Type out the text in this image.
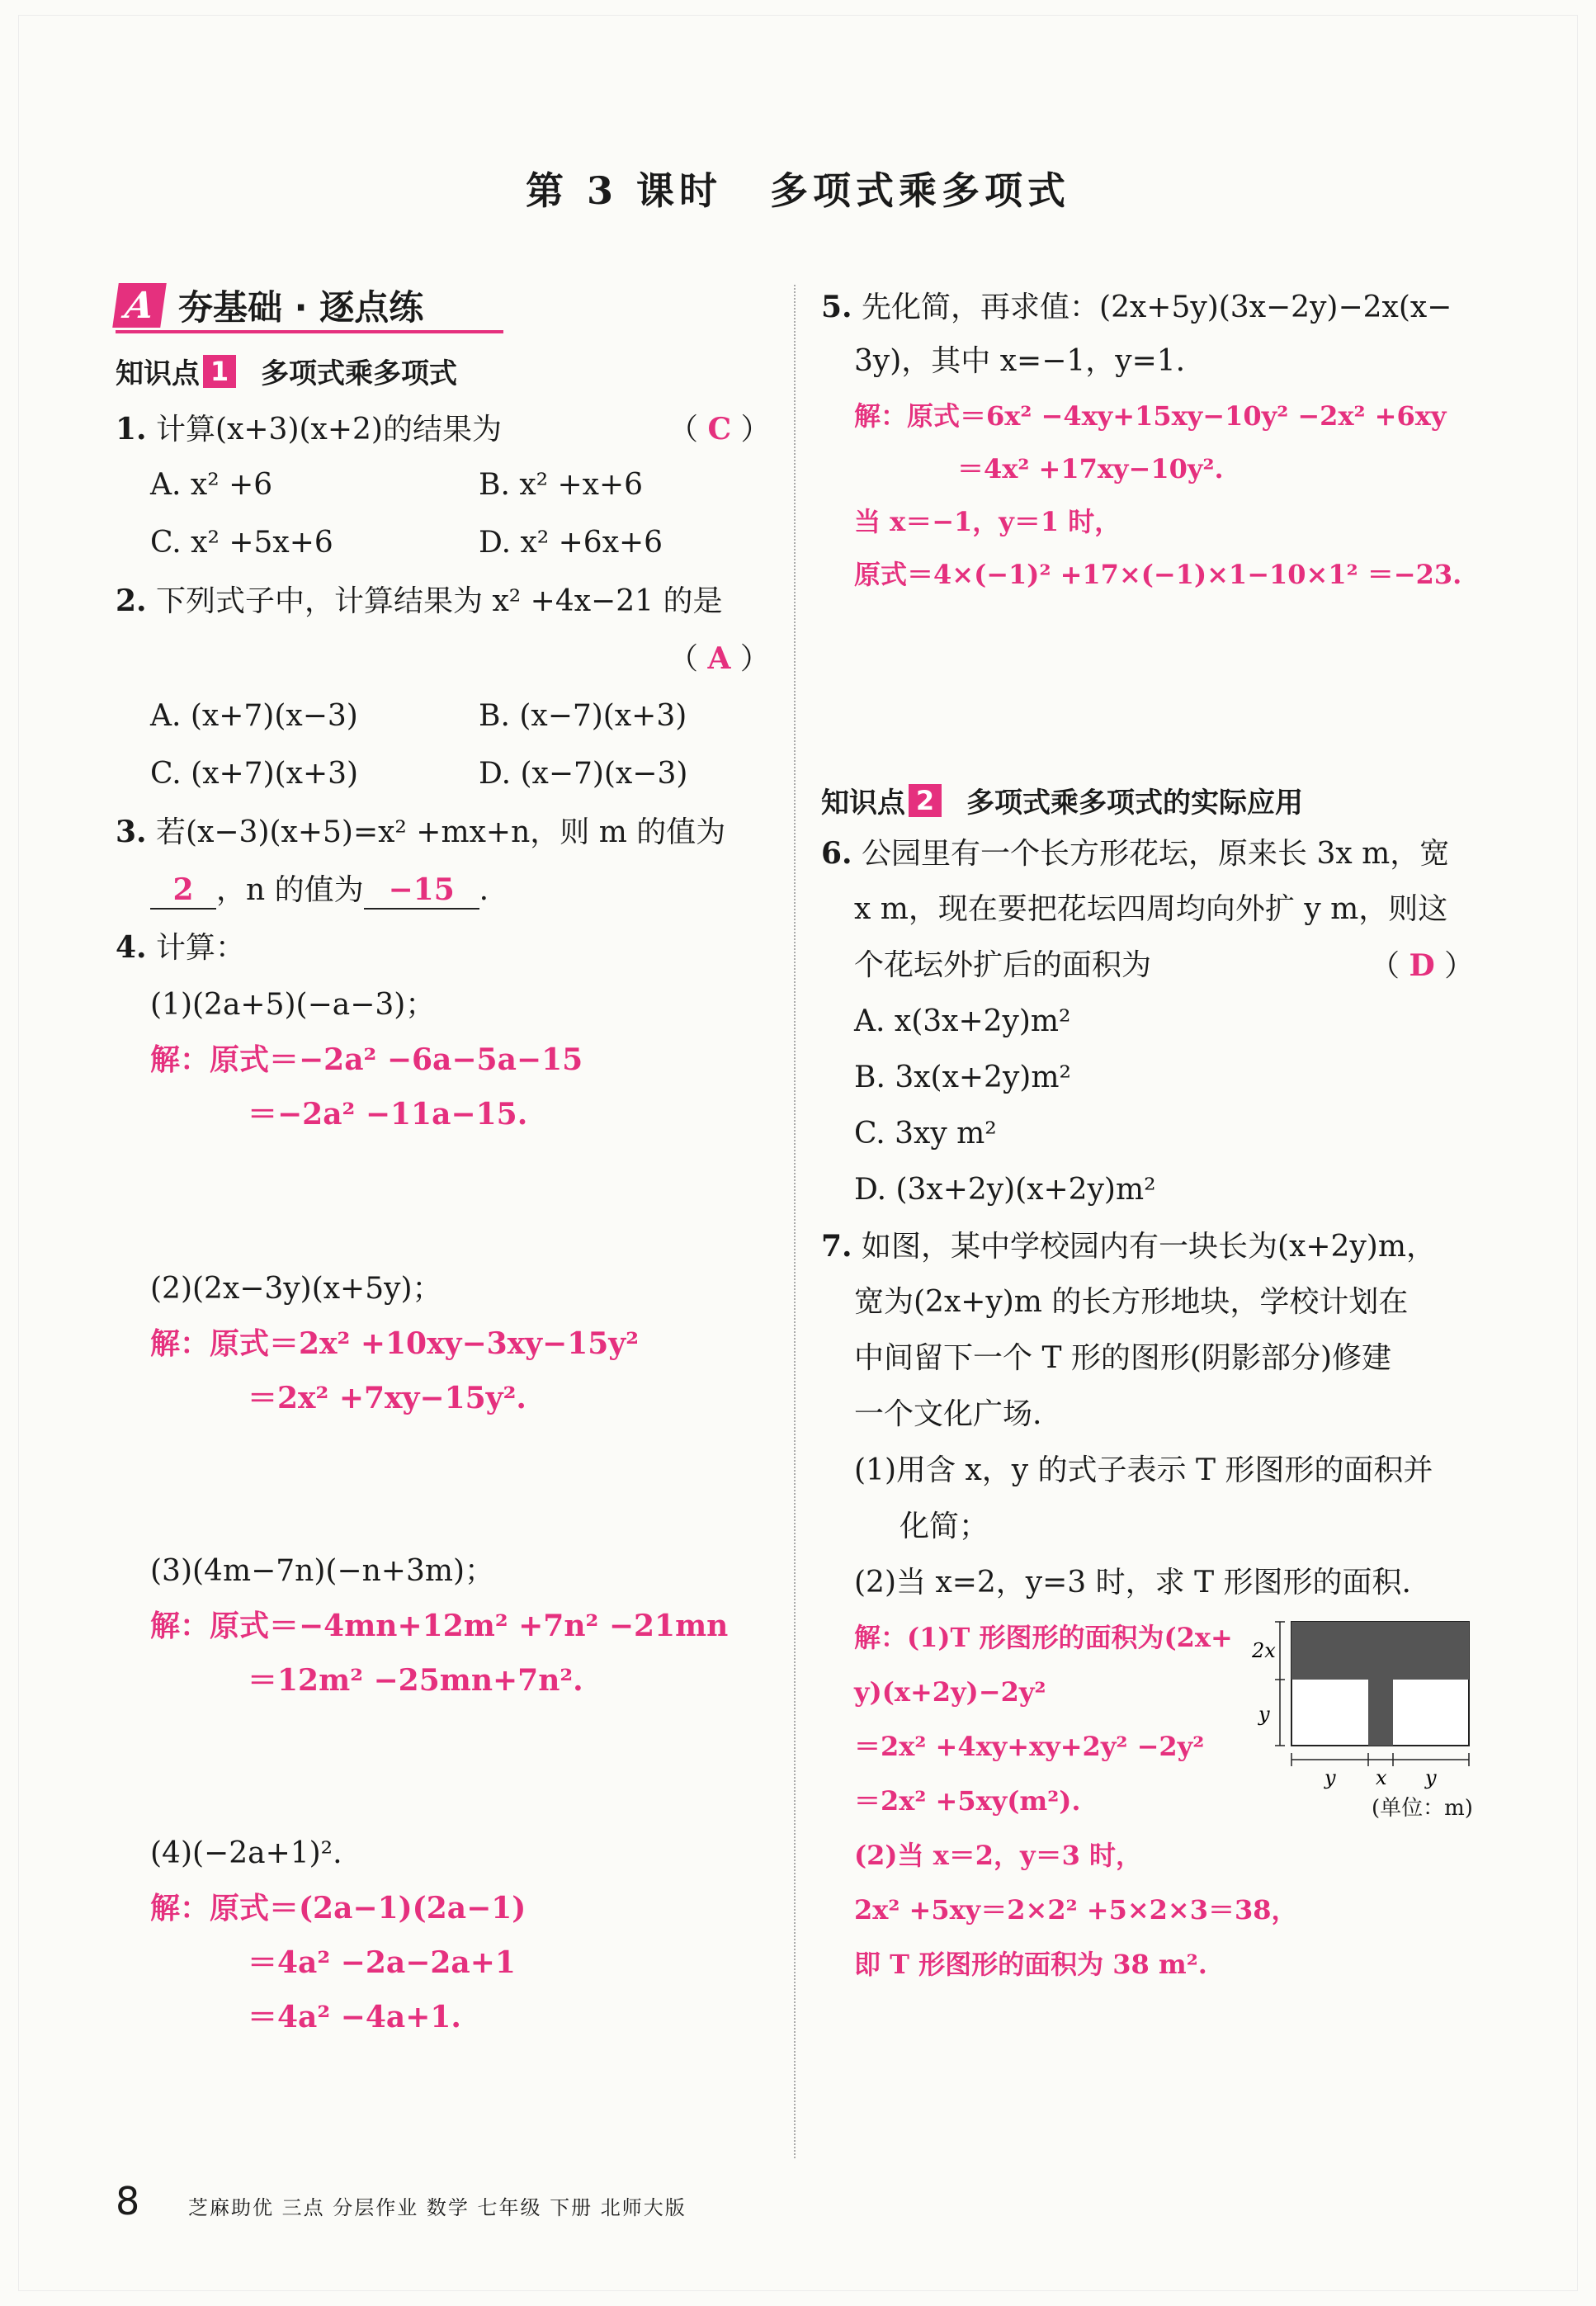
第 3 课时 多项式乘多项式
A 夯基础 · 逐点练
知识点 1 多项式乘多项式
1. 计算(x+3)(x+2)的结果为	（ C ）
A. x² +6	B. x² +x+6
C. x² +5x+6	D. x² +6x+6
2. 下列式子中，计算结果为 x² +4x−21 的是
（ A ）
A. (x+7)(x−3)	B. (x−7)(x+3)
C. (x+7)(x+3)	D. (x−7)(x−3)
3. 若(x−3)(x+5)=x² +mx+n，则 m 的值为
2 ，n 的值为 −15 .
4. 计算：
(1)(2a+5)(−a−3)；
解：原式＝−2a² −6a−5a−15
＝−2a² −11a−15.
(2)(2x−3y)(x+5y)；
解：原式＝2x² +10xy−3xy−15y²
＝2x² +7xy−15y².
(3)(4m−7n)(−n+3m)；
解：原式＝−4mn+12m² +7n² −21mn
＝12m² −25mn+7n².
(4)(−2a+1)².
解：原式＝(2a−1)(2a−1)
＝4a² −2a−2a+1
＝4a² −4a+1.
5. 先化简，再求值：(2x+5y)(3x−2y)−2x(x−
3y)，其中 x=−1，y=1.
解：原式＝6x² −4xy+15xy−10y² −2x² +6xy
＝4x² +17xy−10y².
当 x＝−1，y＝1 时，
原式＝4×(−1)² +17×(−1)×1−10×1² ＝−23.
知识点 2 多项式乘多项式的实际应用
6. 公园里有一个长方形花坛，原来长 3x m，宽
x m，现在要把花坛四周均向外扩 y m，则这
个花坛外扩后的面积为	（ D ）
A. x(3x+2y)m²
B. 3x(x+2y)m²
C. 3xy m²
D. (3x+2y)(x+2y)m²
7. 如图，某中学校园内有一块长为(x+2y)m，
宽为(2x+y)m 的长方形地块，学校计划在
中间留下一个 T 形的图形(阴影部分)修建
一个文化广场.
(1)用含 x，y 的式子表示 T 形图形的面积并
化简；
(2)当 x=2，y=3 时，求 T 形图形的面积.
解：(1)T 形图形的面积为(2x+
y)(x+2y)−2y²
＝2x² +4xy+xy+2y² −2y²
＝2x² +5xy(m²).
(2)当 x＝2，y＝3 时，
2x² +5xy＝2×2² +5×2×3＝38，
即 T 形图形的面积为 38 m².
2x
y
y x y
(单位：m)
8 芝麻助优 三点 分层作业 数学 七年级 下册 北师大版
